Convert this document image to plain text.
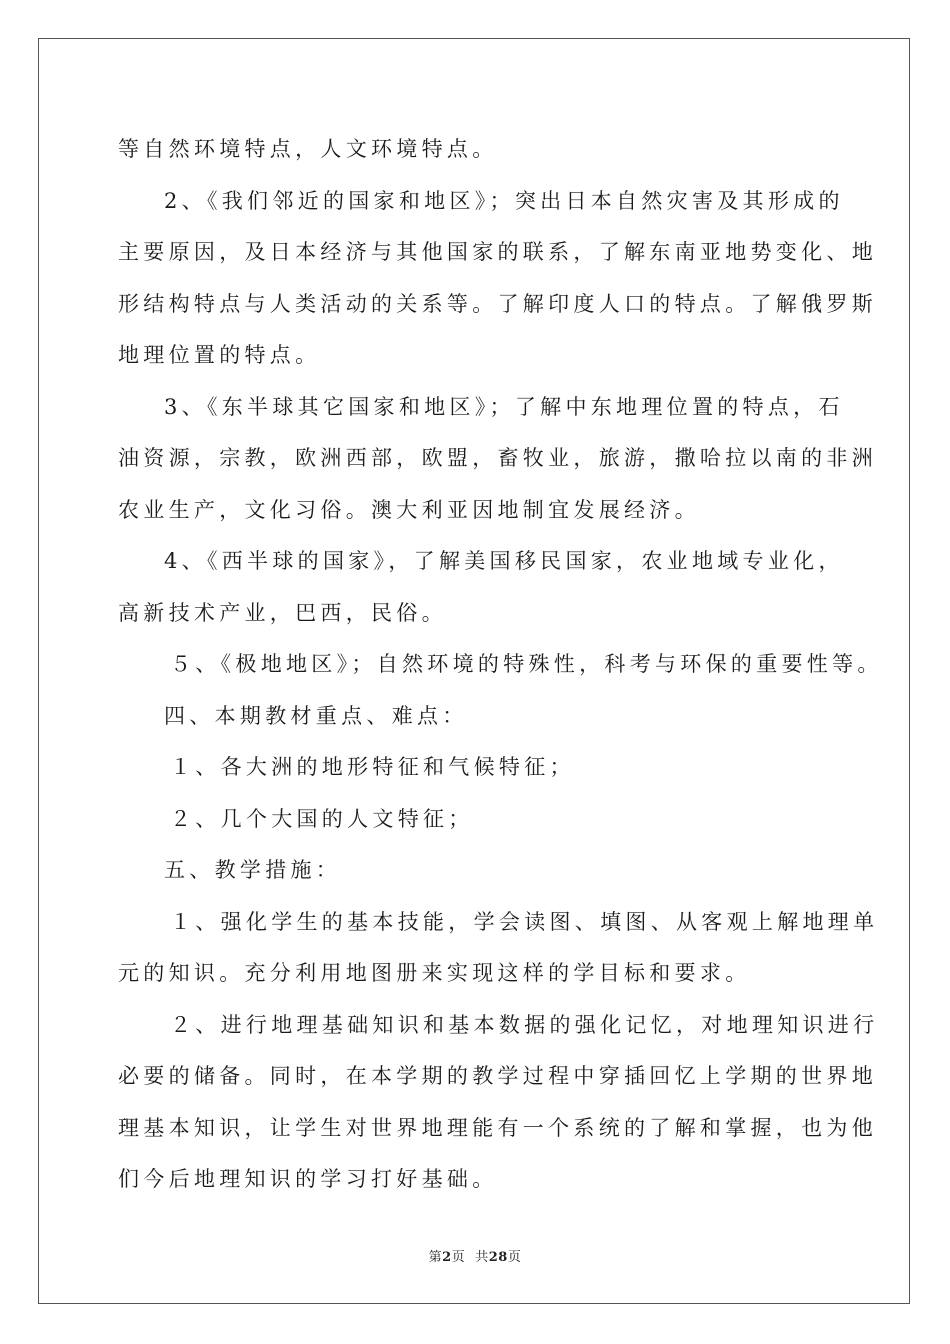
等自然环境特点，人文环境特点。
2、《我们邻近的国家和地区》；突出日本自然灾害及其形成的
主要原因，及日本经济与其他国家的联系，了解东南亚地势变化、地
形结构特点与人类活动的关系等。了解印度人口的特点。了解俄罗斯
地理位置的特点。
3、《东半球其它国家和地区》；了解中东地理位置的特点，石
油资源，宗教，欧洲西部，欧盟，畜牧业，旅游，撒哈拉以南的非洲
农业生产，文化习俗。澳大利亚因地制宜发展经济。
4、《西半球的国家》，了解美国移民国家，农业地域专业化，
高新技术产业，巴西，民俗。
５、《极地地区》；自然环境的特殊性，科考与环保的重要性等。
四、本期教材重点、难点：
１、各大洲的地形特征和气候特征；
２、几个大国的人文特征；
五、教学措施：
１、强化学生的基本技能，学会读图、填图、从客观上解地理单
元的知识。充分利用地图册来实现这样的学目标和要求。
２、进行地理基础知识和基本数据的强化记忆，对地理知识进行
必要的储备。同时，在本学期的教学过程中穿插回忆上学期的世界地
理基本知识，让学生对世界地理能有一个系统的了解和掌握，也为他
们今后地理知识的学习打好基础。
第2页 共28页
